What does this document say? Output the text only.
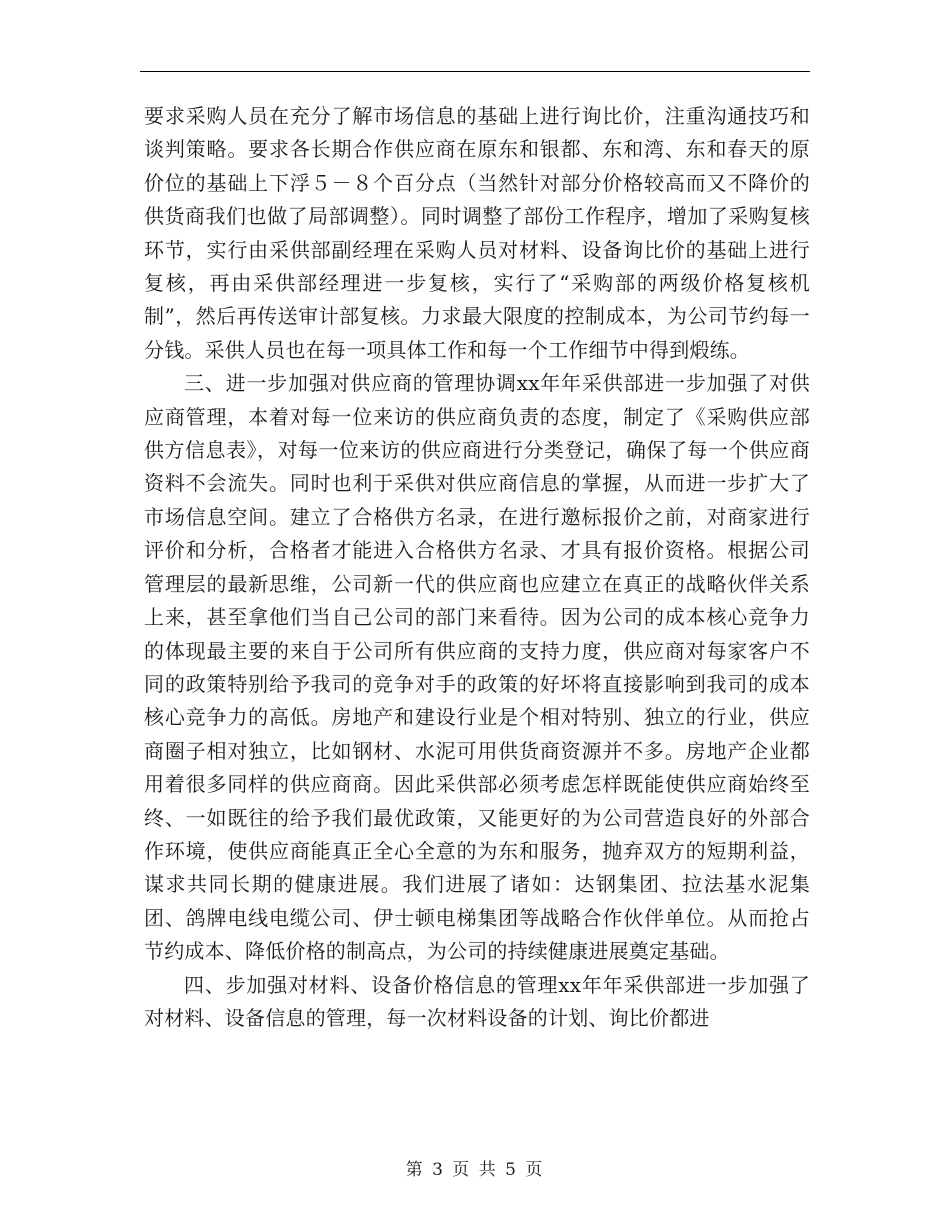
要求采购人员在充分了解市场信息的基础上进行询比价，注重沟通技巧和谈判策略。要求各长期合作供应商在原东和银都、东和湾、东和春天的原价位的基础上下浮５－８个百分点（当然针对部分价格较高而又不降价的供货商我们也做了局部调整）。同时调整了部份工作程序，增加了采购复核环节，实行由采供部副经理在采购人员对材料、设备询比价的基础上进行复核，再由采供部经理进一步复核，实行了“采购部的两级价格复核机制”，然后再传送审计部复核。力求最大限度的控制成本，为公司节约每一分钱。采供人员也在每一项具体工作和每一个工作细节中得到煅练。

三、进一步加强对供应商的管理协调xx年年采供部进一步加强了对供应商管理，本着对每一位来访的供应商负责的态度，制定了《采购供应部供方信息表》，对每一位来访的供应商进行分类登记，确保了每一个供应商资料不会流失。同时也利于采供对供应商信息的掌握，从而进一步扩大了市场信息空间。建立了合格供方名录，在进行邀标报价之前，对商家进行评价和分析，合格者才能进入合格供方名录、才具有报价资格。根据公司管理层的最新思维，公司新一代的供应商也应建立在真正的战略伙伴关系上来，甚至拿他们当自己公司的部门来看待。因为公司的成本核心竞争力的体现最主要的来自于公司所有供应商的支持力度，供应商对每家客户不同的政策特别给予我司的竞争对手的政策的好坏将直接影响到我司的成本核心竞争力的高低。房地产和建设行业是个相对特别、独立的行业，供应商圈子相对独立，比如钢材、水泥可用供货商资源并不多。房地产企业都用着很多同样的供应商商。因此采供部必须考虑怎样既能使供应商始终至终、一如既往的给予我们最优政策，又能更好的为公司营造良好的外部合作环境，使供应商能真正全心全意的为东和服务，抛弃双方的短期利益，谋求共同长期的健康进展。我们进展了诸如：达钢集团、拉法基水泥集团、鸽牌电线电缆公司、伊士顿电梯集团等战略合作伙伴单位。从而抢占节约成本、降低价格的制高点，为公司的持续健康进展奠定基础。

四、步加强对材料、设备价格信息的管理xx年年采供部进一步加强了对材料、设备信息的管理，每一次材料设备的计划、询比价都进

第 3 页 共 5 页
